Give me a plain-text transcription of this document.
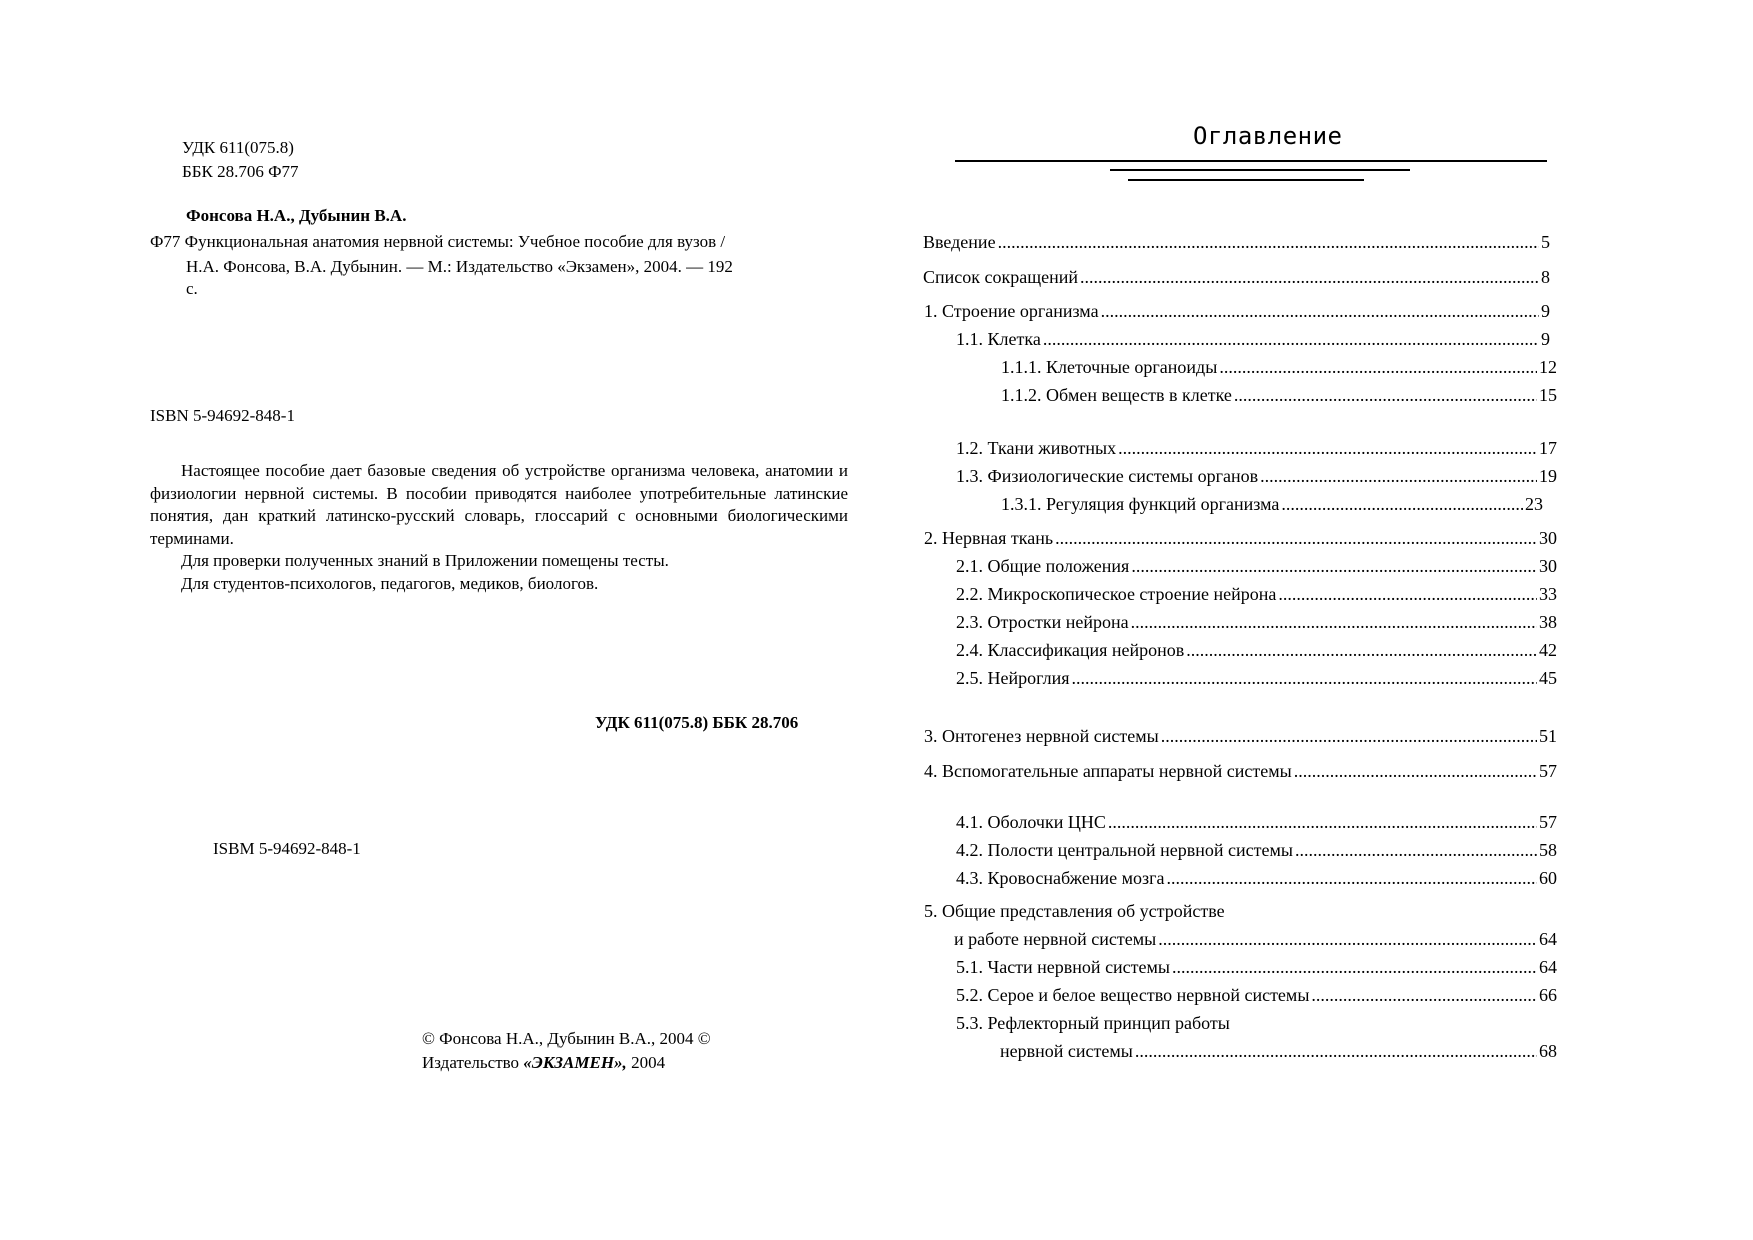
УДК 611(075.8)
ББК 28.706 Ф77
Фонсова Н.А., Дубынин В.А.
Ф77 Функциональная анатомия нервной системы: Учебное пособие для вузов /
Н.А. Фонсова, В.А. Дубынин. — М.: Издательство «Экзамен», 2004. — 192
с.
ISBN 5-94692-848-1

Настоящее пособие дает базовые сведения об устройстве организма человека, анатомии и физиологии нервной системы. В пособии приводятся наиболее употребительные латинские понятия, дан краткий латинско-русский словарь, глоссарий с основными биологическими терминами.

Для проверки полученных знаний в Приложении помещены тесты.

Для студентов-психологов, педагогов, медиков, биологов.

УДК 611(075.8) ББК 28.706
ISBM 5-94692-848-1
© Фонсова Н.А., Дубынин В.А., 2004 ©
Издательство «ЭКЗАМЕН», 2004
Оглавление
Введение .....	5
Список сокращений .....	8
1. Строение организма .....	9
1.1. Клетка .....	9
1.1.1. Клеточные органоиды .....	12
1.1.2. Обмен веществ в клетке .....	15
1.2. Ткани животных .....	17
1.3. Физиологические системы органов .....	19
1.3.1. Регуляция функций организма .....	23
2. Нервная ткань .....	30
2.1. Общие положения .....	30
2.2. Микроскопическое строение нейрона .....	33
2.3. Отростки нейрона .....	38
2.4. Классификация нейронов .....	42
2.5. Нейроглия .....	45
3. Онтогенез нервной системы .....	51
4. Вспомогательные аппараты нервной системы .....	57
4.1. Оболочки ЦНС .....	57
4.2. Полости центральной нервной системы .....	58
4.3. Кровоснабжение мозга .....	60
5. Общие представления об устройстве
и работе нервной системы .....	64
5.1. Части нервной системы .....	64
5.2. Серое и белое вещество нервной системы .....	66
5.3. Рефлекторный принцип работы
нервной системы .....	68
